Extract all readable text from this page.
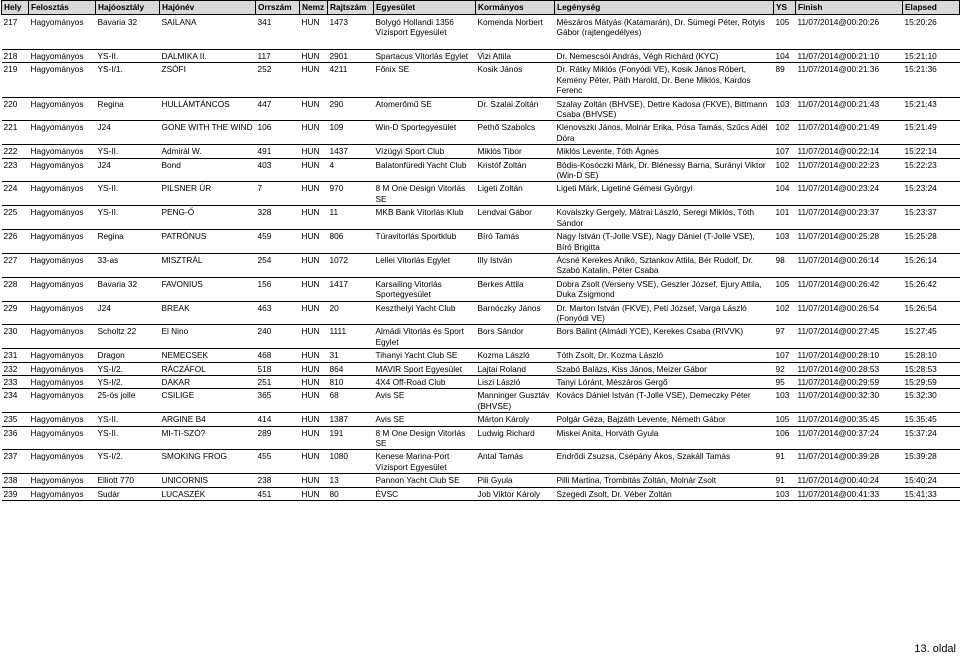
Hely	Felosztás	Hajóosztály	Hajónév	Orrszám	Nemz	Rajtszám	Egyesület	Kormányos	Legénység	YS	Finish	Elapsed
217	Hagyományos	Bavaria 32	SAILANA	341	HUN	1473	Bolygó Hollandi 1356 Vízisport Egyesület	Komenda Norbert	Mészáros Mátyás (Katamarán), Dr. Sümegi Péter, Rotyis Gábor (rajtengedélyes)	105	11/07/2014@00:20:26	15:20:26
218	Hagyományos	YS-II.	DALMIKA II.	117	HUN	2901	Spartacus Vitorlás Egylet	Vizi Attila	Dr. Nemescsói András, Végh Richárd (KYC)	104	11/07/2014@00:21:10	15:21:10
219	Hagyományos	YS-I/1.	ZSÓFI	252	HUN	4211	Főnix SE	Kosik János	Dr. Rátky Miklós (Fonyódi VE), Kosik János Róbert, Kemény Péter, Páth Harold, Dr. Bene Miklós, Kardos Ferenc	89	11/07/2014@00:21:36	15:21:36
220	Hagyományos	Regina	HULLÁMTÁNCOS	447	HUN	290	Atomerőmű SE	Dr. Szalai Zoltán	Szalay Zoltán (BHVSE), Dettre Kadosa (FKVE), Bittmann Csaba (BHVSE)	103	11/07/2014@00:21:43	15:21:43
221	Hagyományos	J24	GONE WITH THE WIND	106	HUN	109	Win-D Sportegyesület	Pethő Szabolcs	Klenovszki János, Molnár Erika, Pósa Tamás, Szűcs Adél Dóra	102	11/07/2014@00:21:49	15:21:49
222	Hagyományos	YS-II.	Admirál W.	491	HUN	1437	Vízügyi Sport Club	Miklós Tibor	Miklós Levente, Tóth Ágnes	107	11/07/2014@00:22:14	15:22:14
223	Hagyományos	J24	Bond	403	HUN	4	Balatonfüredi Yacht Club	Kristóf Zoltán	Bódis-Kosóczki Márk, Dr. Blénessy Barna, Surányi Viktor (Win-D SE)	102	11/07/2014@00:22:23	15:22:23
224	Hagyományos	YS-II.	PILSNER ÚR	7	HUN	970	8 M One Design Vitorlás SE	Ligeti Zoltán	Ligeti Márk, Ligetiné Gémesi Györgyi	104	11/07/2014@00:23:24	15:23:24
225	Hagyományos	YS-II.	PENG-Ő	328	HUN	11	MKB Bank Vitorlás Klub	Lendvai Gábor	Kovalszky Gergely, Mátrai László, Seregi Miklós, Tóth Sándor	101	11/07/2014@00:23:37	15:23:37
226	Hagyományos	Regina	PATRÓNUS	459	HUN	806	Túravitorlás Sportklub	Bíró Tamás	Nagy István (T-Jolle VSE), Nagy Dániel (T-Jolle VSE), Bíró Brigitta	103	11/07/2014@00:25:28	15:25:28
227	Hagyományos	33-as	MISZTRÁL	254	HUN	1072	Lellei Vitorlás Egylet	Illy István	Ácsné Kerekes Anikó, Sztankov Attila, Bér Rudolf, Dr. Szabó Katalin, Péter Csaba	98	11/07/2014@00:26:14	15:26:14
228	Hagyományos	Bavaria 32	FAVONIUS	156	HUN	1417	Karsailing Vitorlás Sportegyesület	Berkes Attila	Dobra Zsolt (Verseny VSE), Geszler József, Ejury Attila, Duka Zsigmond	105	11/07/2014@00:26:42	15:26:42
229	Hagyományos	J24	BREAK	463	HUN	20	Keszthelyi Yacht Club	Barnóczky János	Dr. Marton István (FKVE), Peti József, Varga László (Fonyódi VE)	102	11/07/2014@00:26:54	15:26:54
230	Hagyományos	Scholtz 22	El Nino	240	HUN	1111	Almádi Vitorlás és Sport Egylet	Bors Sándor	Bors Bálint (Almádi YCE), Kerekes Csaba (RIVVK)	97	11/07/2014@00:27:45	15:27:45
231	Hagyományos	Dragon	NEMECSEK	468	HUN	31	Tihanyi Yacht Club SE	Kozma László	Tóth Zsolt, Dr. Kozma László	107	11/07/2014@00:28:10	15:28:10
232	Hagyományos	YS-I/2.	RÁCZÁFOL	518	HUN	864	MAVIR Sport Egyesület	Lajtai Roland	Szabó Balázs, Kiss János, Meizer Gábor	92	11/07/2014@00:28:53	15:28:53
233	Hagyományos	YS-I/2.	DAKAR	251	HUN	810	4X4 Off-Road Club	Liszi László	Tanyi Lóránt, Mészáros Gergő	95	11/07/2014@00:29:59	15:29:59
234	Hagyományos	25-ös jolle	CSILIGE	365	HUN	68	Avis SE	Manninger Gusztáv (BHVSE)	Kovács Dániel István (T-Jolle VSE), Demeczky Péter	103	11/07/2014@00:32:30	15:32:30
235	Hagyományos	YS-II.	ARGINE B4	414	HUN	1387	Avis SE	Márton Károly	Polgár Géza, Bajzáth Levente, Németh Gábor	105	11/07/2014@00:35:45	15:35:45
236	Hagyományos	YS-II.	MI-TI-SZÓ?	289	HUN	191	8 M One Design Vitorlás SE	Ludwig Richard	Miskei Anita, Horváth Gyula	106	11/07/2014@00:37:24	15:37:24
237	Hagyományos	YS-I/2.	SMOKING FROG	455	HUN	1080	Kenese Marina-Port Vízisport Egyesület	Antal Tamás	Endrődi Zsuzsa, Csépány Ákos, Szakáll Tamás	91	11/07/2014@00:39:28	15:39:28
238	Hagyományos	Elliott 770	UNICORNIS	238	HUN	13	Pannon Yacht Club SE	Pili Gyula	Pilli Martina, Trombitás Zoltán, Molnár Zsolt	91	11/07/2014@00:40:24	15:40:24
239	Hagyományos	Sudár	LUCASZÉK	451	HUN	80	ÉVSC	Job Viktor Károly	Szegedi Zsolt, Dr. Véber Zoltán	103	11/07/2014@00:41:33	15:41:33
13. oldal
